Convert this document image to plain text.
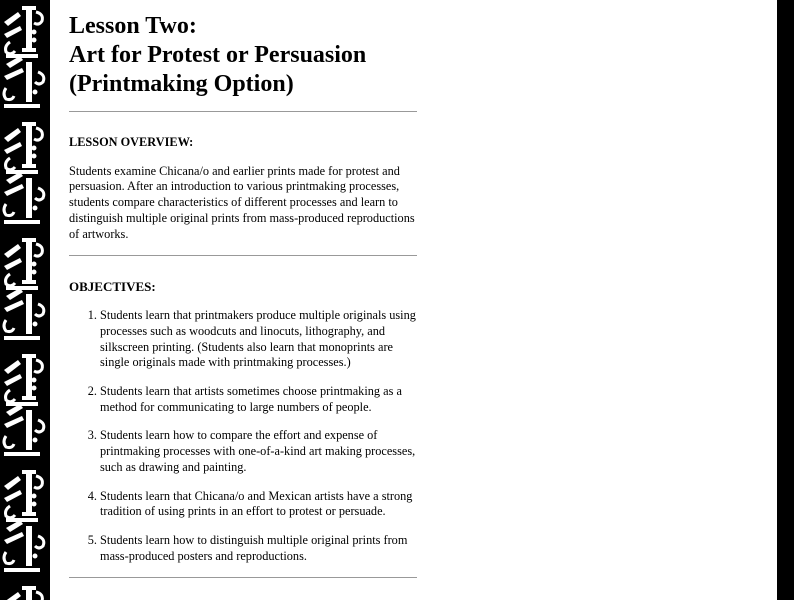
Lesson Two:
Art for Protest or Persuasion
(Printmaking Option)

LESSON OVERVIEW:

Students examine Chicana/o and earlier prints made for protest and persuasion. After an introduction to various printmaking processes, students compare characteristics of different processes and learn to distinguish multiple original prints from mass-produced reproductions of artworks.

OBJECTIVES:

1. Students learn that printmakers produce multiple originals using processes such as woodcuts and linocuts, lithography, and silkscreen printing. (Students also learn that monoprints are single originals made with printmaking processes.)
2. Students learn that artists sometimes choose printmaking as a method for communicating to large numbers of people.
3. Students learn how to compare the effort and expense of printmaking processes with one-of-a-kind art making processes, such as drawing and painting.
4. Students learn that Chicana/o and Mexican artists have a strong tradition of using prints in an effort to protest or persuade.
5. Students learn how to distinguish multiple original prints from mass-produced posters and reproductions.
